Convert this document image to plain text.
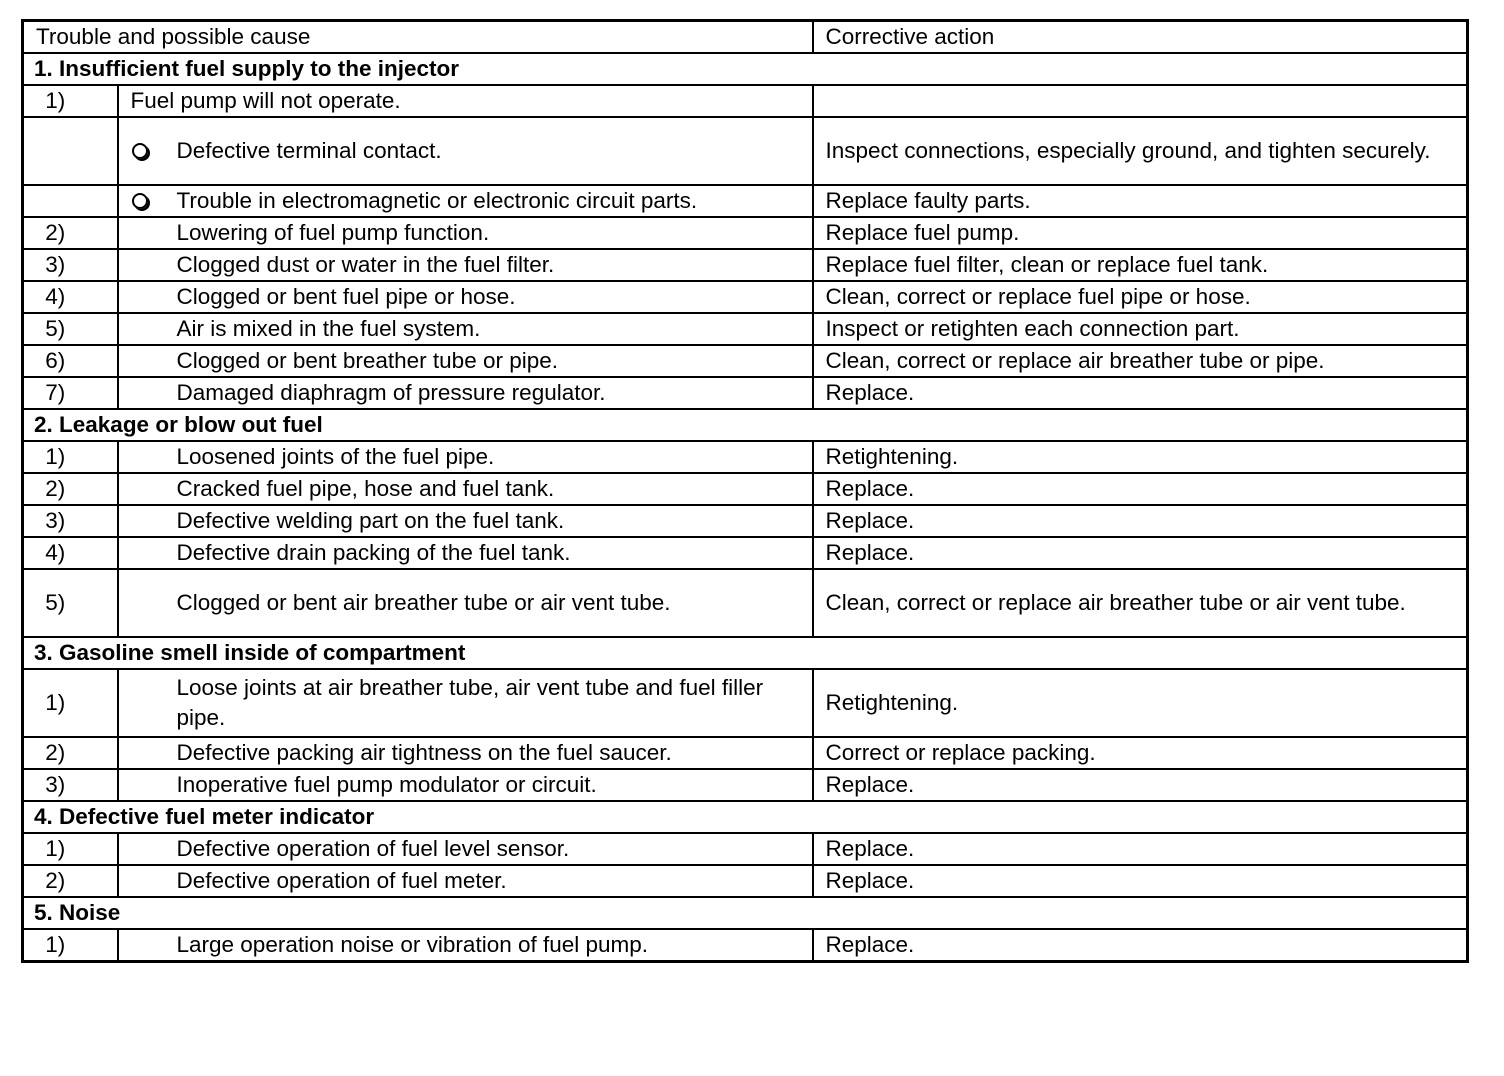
Trouble and possible cause		Corrective action
1. Insufficient fuel supply to the injector		
1)	Fuel pump will not operate.	

	Defective terminal contact.	Inspect connections, especially ground, and tighten securely.

	Trouble in electromagnetic or electronic circuit parts.	Replace faulty parts.
2)	Lowering of fuel pump function.	Replace fuel pump.
3)	Clogged dust or water in the fuel filter.	Replace fuel filter, clean or replace fuel tank.
4)	Clogged or bent fuel pipe or hose.	Clean, correct or replace fuel pipe or hose.
5)	Air is mixed in the fuel system.	Inspect or retighten each connection part.
6)	Clogged or bent breather tube or pipe.	Clean, correct or replace air breather tube or pipe.
7)	Damaged diaphragm of pressure regulator.	Replace.
2. Leakage or blow out fuel		
1)	Loosened joints of the fuel pipe.	Retightening.
2)	Cracked fuel pipe, hose and fuel tank.	Replace.
3)	Defective welding part on the fuel tank.	Replace.
4)	Defective drain packing of the fuel tank.	Replace.
5)	Clogged or bent air breather tube or air vent tube.	Clean, correct or replace air breather tube or air vent tube.
3. Gasoline smell inside of compartment		
1)	Loose joints at air breather tube, air vent tube and fuel filler pipe.	Retightening.
2)	Defective packing air tightness on the fuel saucer.	Correct or replace packing.
3)	Inoperative fuel pump modulator or circuit.	Replace.
4. Defective fuel meter indicator		
1)	Defective operation of fuel level sensor.	Replace.
2)	Defective operation of fuel meter.	Replace.
5. Noise		
1)	Large operation noise or vibration of fuel pump.	Replace.
